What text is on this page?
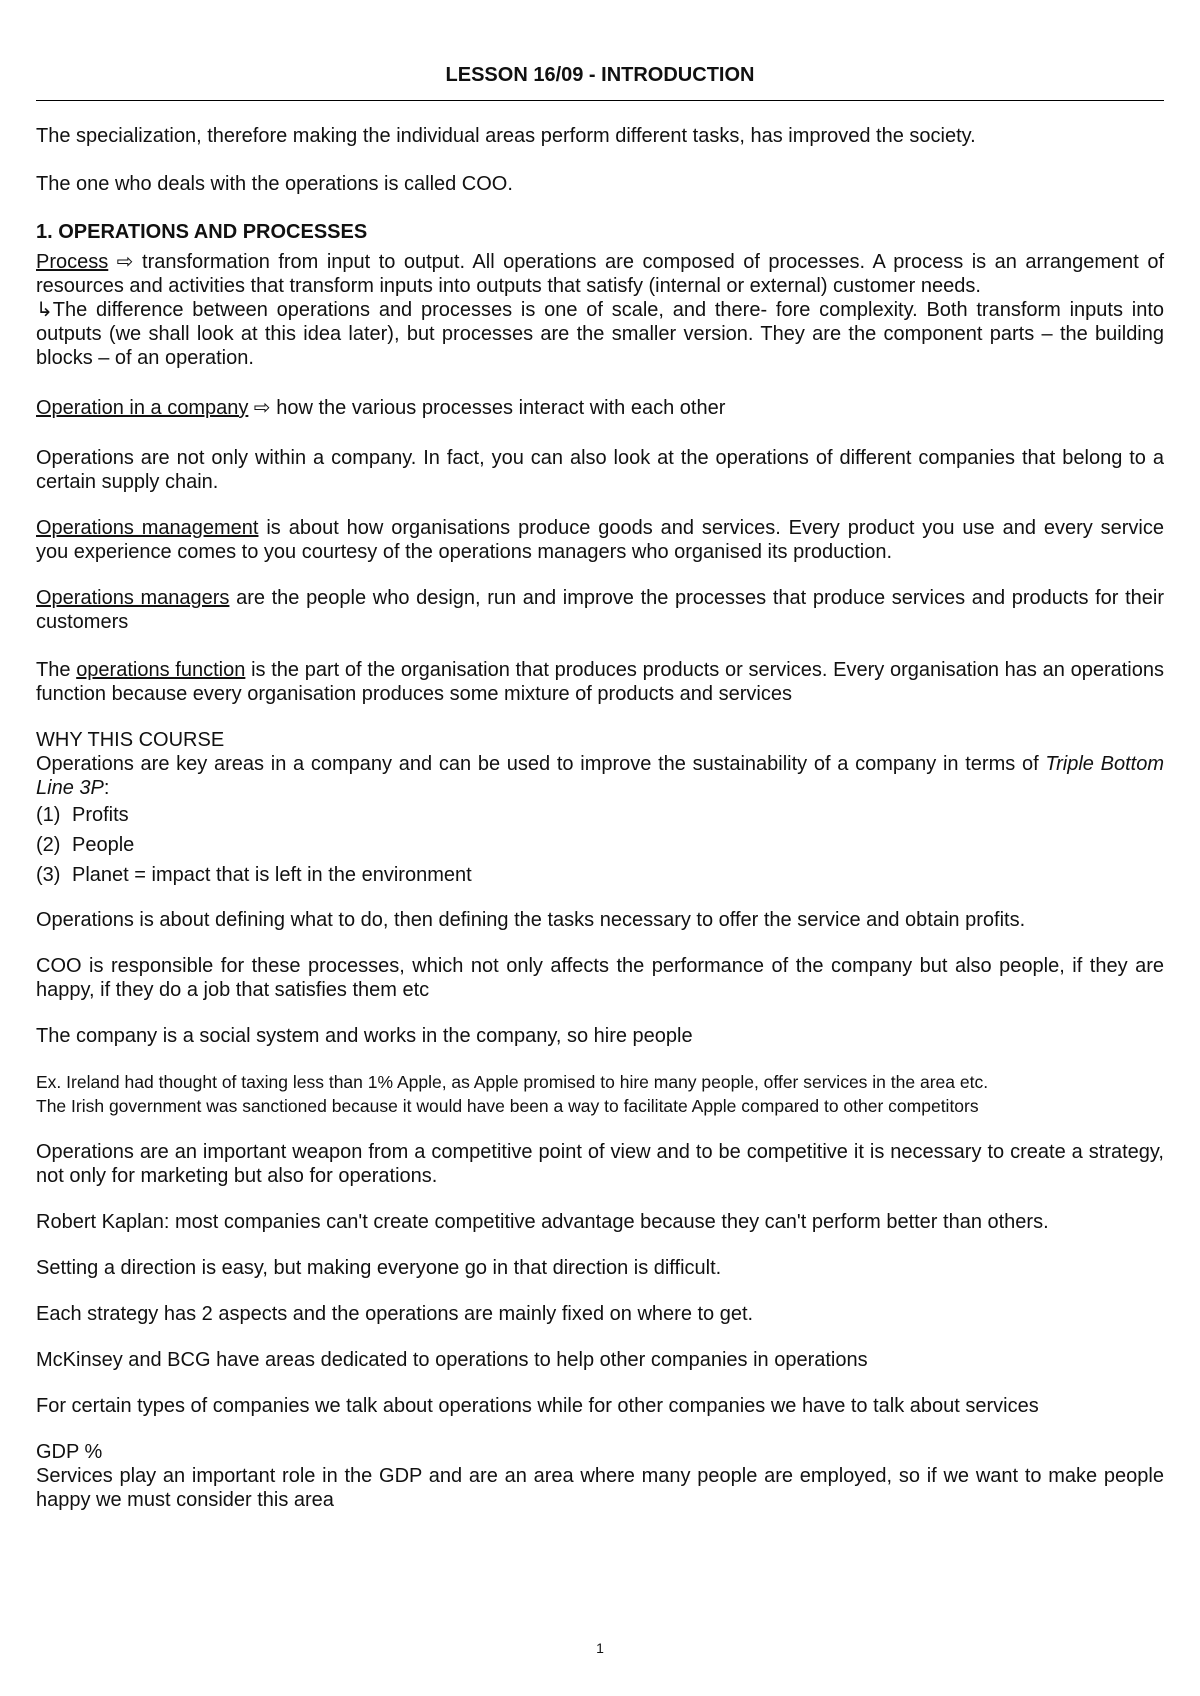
LESSON 16/09 - INTRODUCTION

The specialization, therefore making the individual areas perform different tasks, has improved the society.

The one who deals with the operations is called COO.

1. OPERATIONS AND PROCESSES

Process ⇨ transformation from input to output. All operations are composed of processes. A process is an arrangement of resources and activities that transform inputs into outputs that satisfy (internal or external) customer needs.

↳The difference between operations and processes is one of scale, and there- fore complexity. Both transform inputs into outputs (we shall look at this idea later), but processes are the smaller version. They are the component parts – the building blocks – of an operation.

Operation in a company ⇨ how the various processes interact with each other

Operations are not only within a company. In fact, you can also look at the operations of different companies that belong to a certain supply chain.

Operations management is about how organisations produce goods and services. Every product you use and every service you experience comes to you courtesy of the operations managers who organised its production.

Operations managers are the people who design, run and improve the processes that produce services and products for their customers

The operations function is the part of the organisation that produces products or services. Every organisation has an operations function because every organisation produces some mixture of products and services

WHY THIS COURSE

Operations are key areas in a company and can be used to improve the sustainability of a company in terms of Triple Bottom Line 3P:

(1) Profits
(2) People
(3) Planet = impact that is left in the environment

Operations is about defining what to do, then defining the tasks necessary to offer the service and obtain profits.

COO is responsible for these processes, which not only affects the performance of the company but also people, if they are happy, if they do a job that satisfies them etc

The company is a social system and works in the company, so hire people

Ex. Ireland had thought of taxing less than 1% Apple, as Apple promised to hire many people, offer services in the area etc.

The Irish government was sanctioned because it would have been a way to facilitate Apple compared to other competitors

Operations are an important weapon from a competitive point of view and to be competitive it is necessary to create a strategy, not only for marketing but also for operations.

Robert Kaplan: most companies can't create competitive advantage because they can't perform better than others.

Setting a direction is easy, but making everyone go in that direction is difficult.

Each strategy has 2 aspects and the operations are mainly fixed on where to get.

McKinsey and BCG have areas dedicated to operations to help other companies in operations

For certain types of companies we talk about operations while for other companies we have to talk about services

GDP %

Services play an important role in the GDP and are an area where many people are employed, so if we want to make people happy we must consider this area

1
